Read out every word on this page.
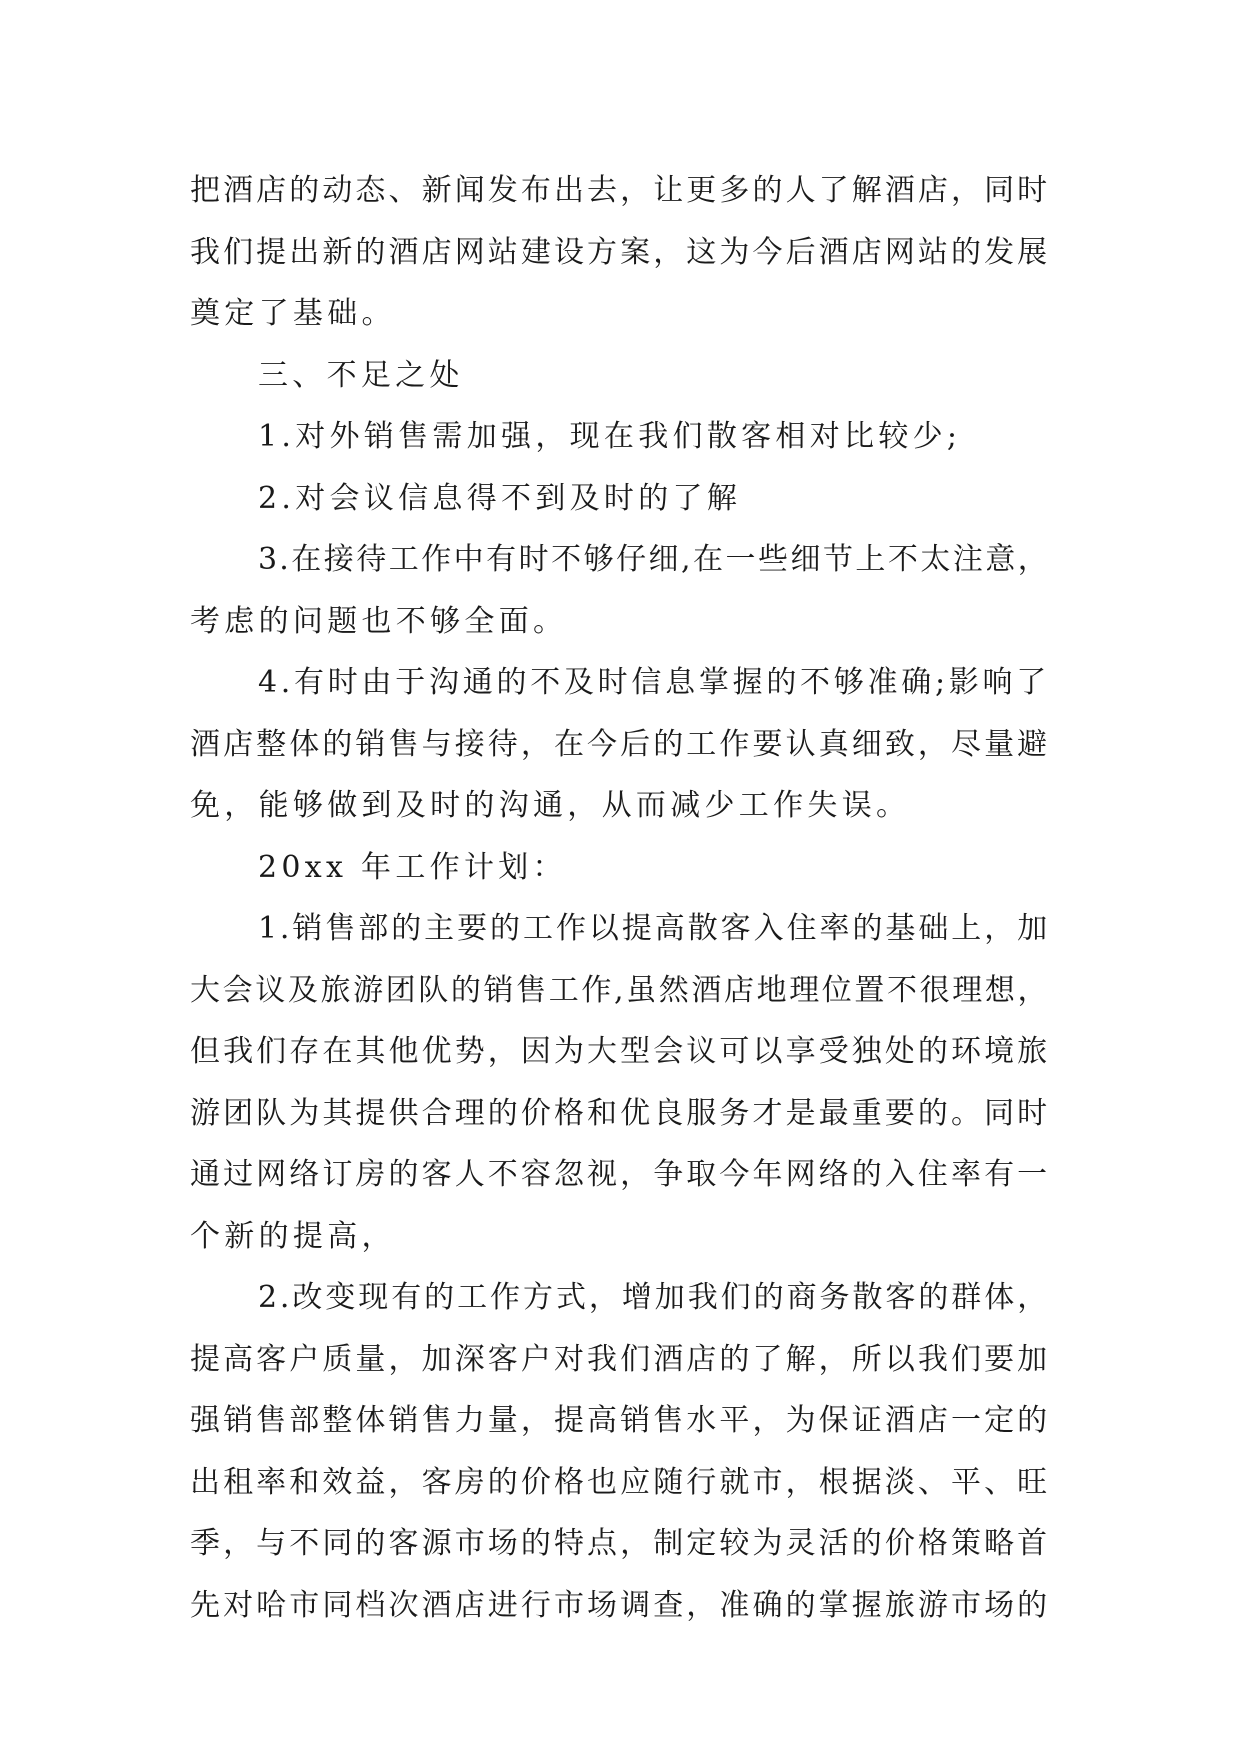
把酒店的动态、新闻发布出去，让更多的人了解酒店，同时
我们提出新的酒店网站建设方案，这为今后酒店网站的发展
奠定了基础。
三、不足之处
1.对外销售需加强，现在我们散客相对比较少;
2.对会议信息得不到及时的了解
3.在接待工作中有时不够仔细,在一些细节上不太注意，
考虑的问题也不够全面。
4.有时由于沟通的不及时信息掌握的不够准确;影响了
酒店整体的销售与接待，在今后的工作要认真细致，尽量避
免，能够做到及时的沟通，从而减少工作失误。
20xx 年工作计划：
1.销售部的主要的工作以提高散客入住率的基础上，加
大会议及旅游团队的销售工作,虽然酒店地理位置不很理想，
但我们存在其他优势，因为大型会议可以享受独处的环境旅
游团队为其提供合理的价格和优良服务才是最重要的。同时
通过网络订房的客人不容忽视，争取今年网络的入住率有一
个新的提高，
2.改变现有的工作方式，增加我们的商务散客的群体，
提高客户质量，加深客户对我们酒店的了解，所以我们要加
强销售部整体销售力量，提高销售水平，为保证酒店一定的
出租率和效益，客房的价格也应随行就市，根据淡、平、旺
季，与不同的客源市场的特点，制定较为灵活的价格策略首
先对哈市同档次酒店进行市场调查，准确的掌握旅游市场的
